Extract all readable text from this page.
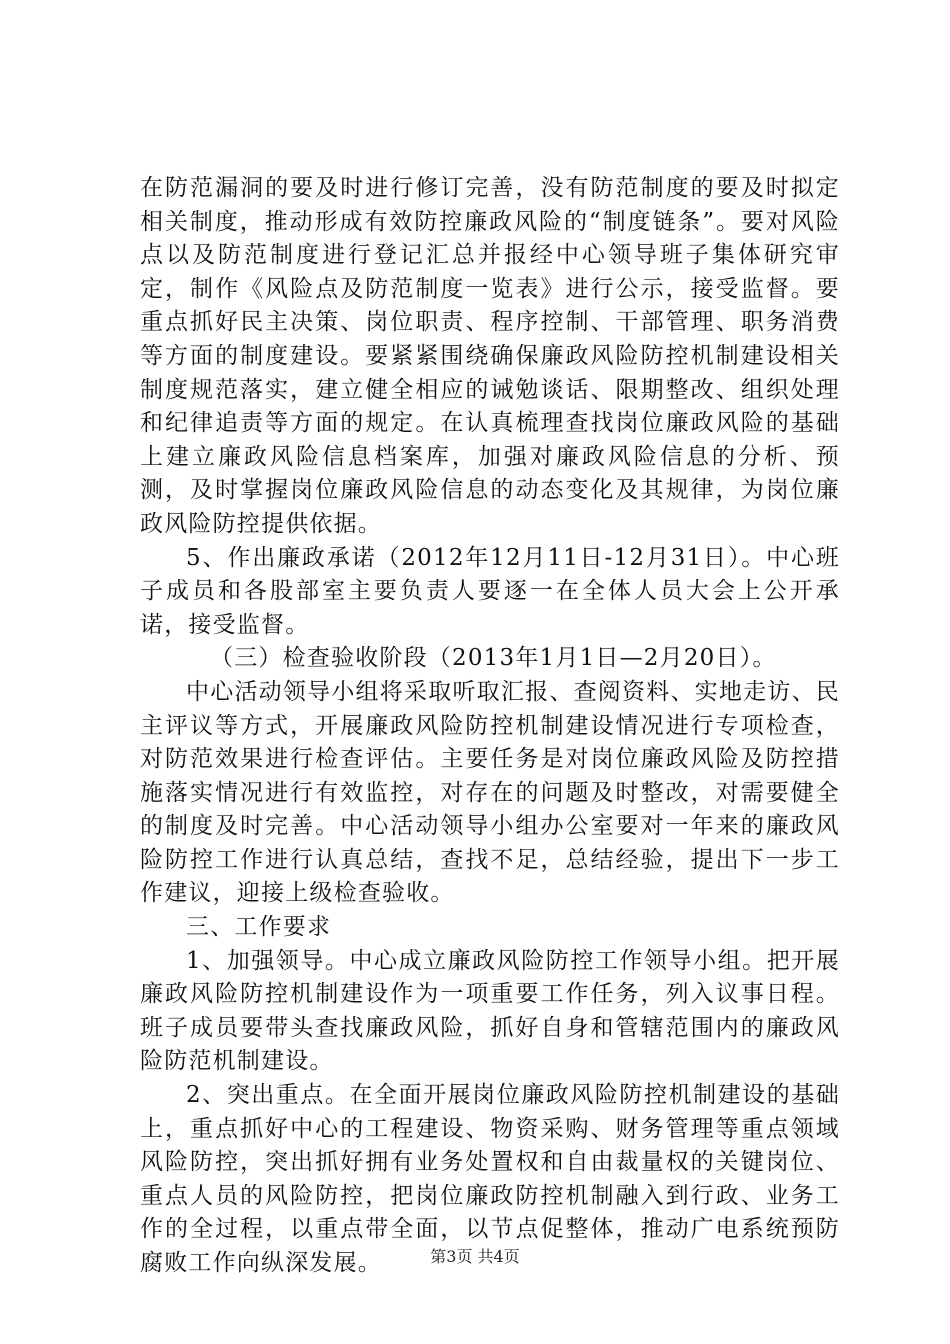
在防范漏洞的要及时进行修订完善，没有防范制度的要及时拟定相关制度，推动形成有效防控廉政风险的“制度链条”。要对风险点以及防范制度进行登记汇总并报经中心领导班子集体研究审定，制作《风险点及防范制度一览表》进行公示，接受监督。要重点抓好民主决策、岗位职责、程序控制、干部管理、职务消费等方面的制度建设。要紧紧围绕确保廉政风险防控机制建设相关制度规范落实，建立健全相应的诫勉谈话、限期整改、组织处理和纪律追责等方面的规定。在认真梳理查找岗位廉政风险的基础上建立廉政风险信息档案库，加强对廉政风险信息的分析、预测，及时掌握岗位廉政风险信息的动态变化及其规律，为岗位廉政风险防控提供依据。

5、作出廉政承诺（2012年12月11日-12月31日）。中心班子成员和各股部室主要负责人要逐一在全体人员大会上公开承诺，接受监督。

（三）检查验收阶段（2013年1月1日—2月20日）。

中心活动领导小组将采取听取汇报、查阅资料、实地走访、民主评议等方式，开展廉政风险防控机制建设情况进行专项检查，对防范效果进行检查评估。主要任务是对岗位廉政风险及防控措施落实情况进行有效监控，对存在的问题及时整改，对需要健全的制度及时完善。中心活动领导小组办公室要对一年来的廉政风险防控工作进行认真总结，查找不足，总结经验，提出下一步工作建议，迎接上级检查验收。

三、工作要求

1、加强领导。中心成立廉政风险防控工作领导小组。把开展廉政风险防控机制建设作为一项重要工作任务，列入议事日程。班子成员要带头查找廉政风险，抓好自身和管辖范围内的廉政风险防范机制建设。

2、突出重点。在全面开展岗位廉政风险防控机制建设的基础上，重点抓好中心的工程建设、物资采购、财务管理等重点领域风险防控，突出抓好拥有业务处置权和自由裁量权的关键岗位、重点人员的风险防控，把岗位廉政防控机制融入到行政、业务工作的全过程，以重点带全面，以节点促整体，推动广电系统预防腐败工作向纵深发展。	第3页 共4页
